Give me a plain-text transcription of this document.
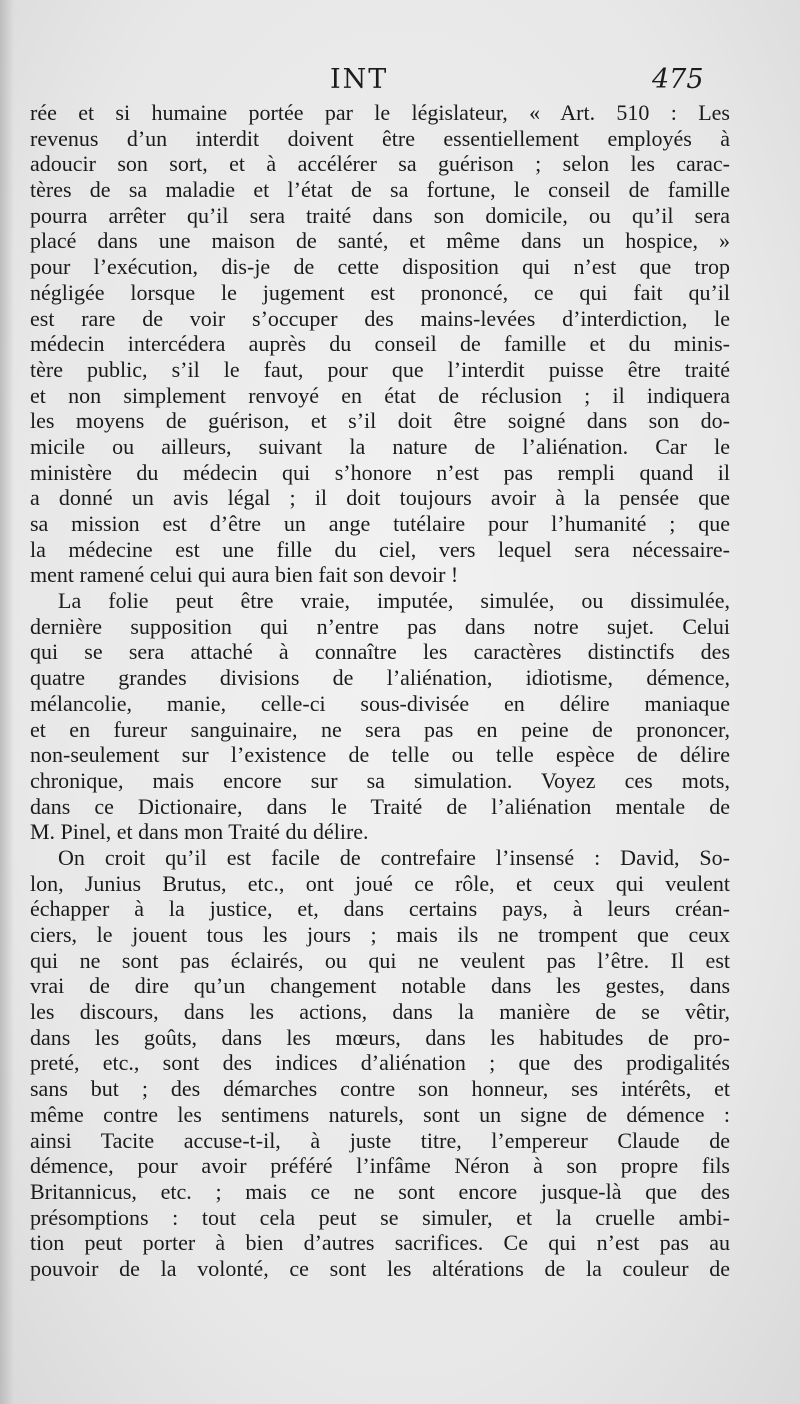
INT	475
rée et si humaine portée par le législateur, « Art. 510 : Les
revenus d’un interdit doivent être essentiellement employés à
adoucir son sort, et à accélérer sa guérison ; selon les carac-
tères de sa maladie et l’état de sa fortune, le conseil de famille
pourra arrêter qu’il sera traité dans son domicile, ou qu’il sera
placé dans une maison de santé, et même dans un hospice, »
pour l’exécution, dis-je de cette disposition qui n’est que trop
négligée lorsque le jugement est prononcé, ce qui fait qu’il
est rare de voir s’occuper des mains-levées d’interdiction, le
médecin intercédera auprès du conseil de famille et du minis-
tère public, s’il le faut, pour que l’interdit puisse être traité
et non simplement renvoyé en état de réclusion ; il indiquera
les moyens de guérison, et s’il doit être soigné dans son do-
micile ou ailleurs, suivant la nature de l’aliénation. Car le
ministère du médecin qui s’honore n’est pas rempli quand il
a donné un avis légal ; il doit toujours avoir à la pensée que
sa mission est d’être un ange tutélaire pour l’humanité ; que
la médecine est une fille du ciel, vers lequel sera nécessaire-
ment ramené celui qui aura bien fait son devoir !
La folie peut être vraie, imputée, simulée, ou dissimulée,
dernière supposition qui n’entre pas dans notre sujet. Celui
qui se sera attaché à connaître les caractères distinctifs des
quatre grandes divisions de l’aliénation, idiotisme, démence,
mélancolie, manie, celle-ci sous-divisée en délire maniaque
et en fureur sanguinaire, ne sera pas en peine de prononcer,
non-seulement sur l’existence de telle ou telle espèce de délire
chronique, mais encore sur sa simulation. Voyez ces mots,
dans ce Dictionaire, dans le Traité de l’aliénation mentale de
M. Pinel, et dans mon Traité du délire.
On croit qu’il est facile de contrefaire l’insensé : David, So-
lon, Junius Brutus, etc., ont joué ce rôle, et ceux qui veulent
échapper à la justice, et, dans certains pays, à leurs créan-
ciers, le jouent tous les jours ; mais ils ne trompent que ceux
qui ne sont pas éclairés, ou qui ne veulent pas l’être. Il est
vrai de dire qu’un changement notable dans les gestes, dans
les discours, dans les actions, dans la manière de se vêtir,
dans les goûts, dans les mœurs, dans les habitudes de pro-
preté, etc., sont des indices d’aliénation ; que des prodigalités
sans but ; des démarches contre son honneur, ses intérêts, et
même contre les sentimens naturels, sont un signe de démence :
ainsi Tacite accuse-t-il, à juste titre, l’empereur Claude de
démence, pour avoir préféré l’infâme Néron à son propre fils
Britannicus, etc. ; mais ce ne sont encore jusque-là que des
présomptions : tout cela peut se simuler, et la cruelle ambi-
tion peut porter à bien d’autres sacrifices. Ce qui n’est pas au
pouvoir de la volonté, ce sont les altérations de la couleur de
